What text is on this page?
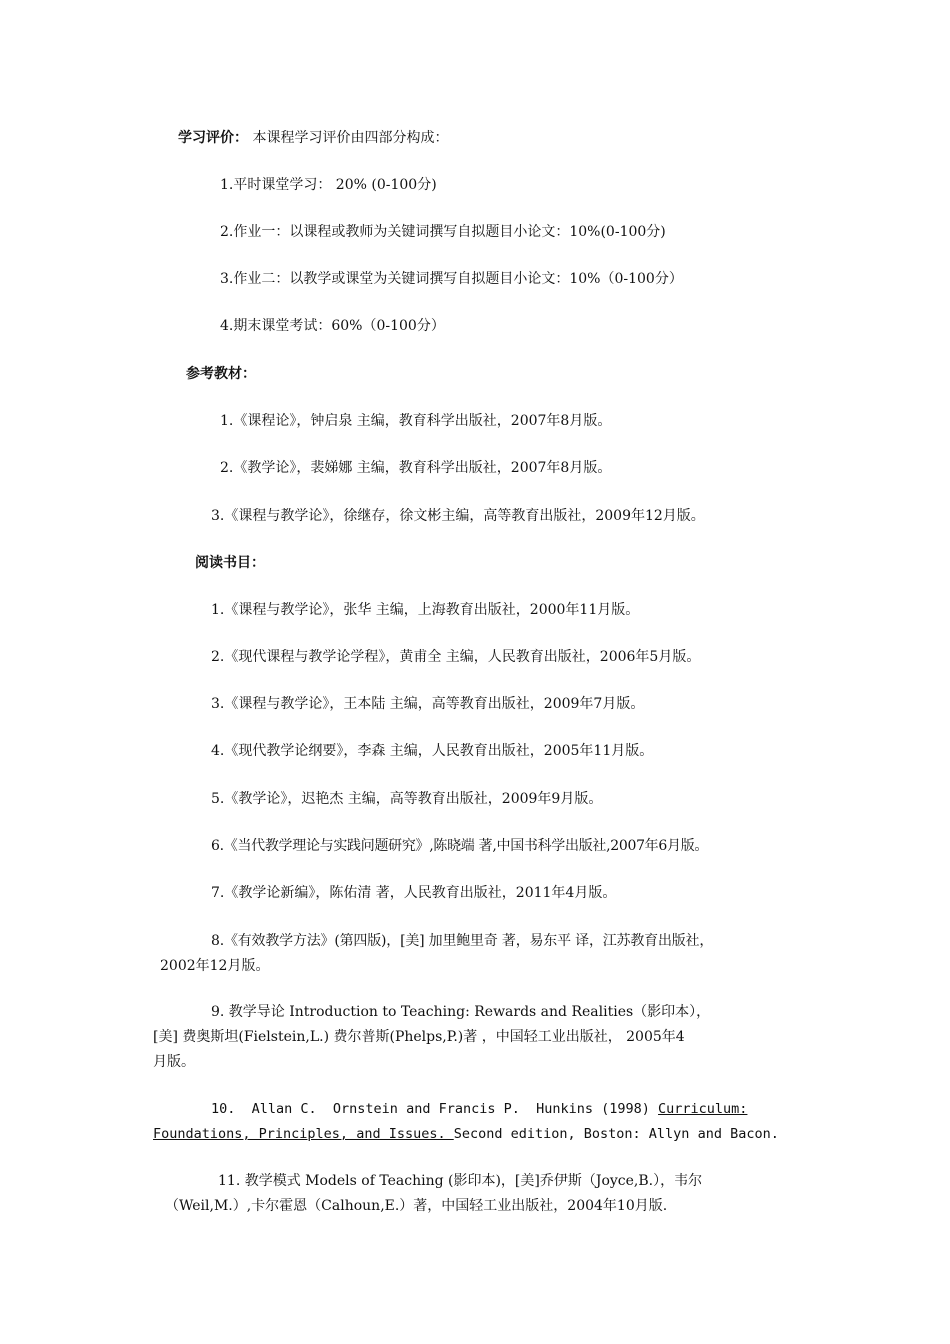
学习评价： 本课程学习评价由四部分构成：
1.平时课堂学习： 20% (0-100分)
2.作业一：以课程或教师为关键词撰写自拟题目小论文：10%(0-100分)
3.作业二：以教学或课堂为关键词撰写自拟题目小论文：10%（0-100分）
4.期末课堂考试：60%（0-100分）
参考教材：
1.《课程论》，钟启泉 主编，教育科学出版社，2007年8月版。
2.《教学论》，裴娣娜 主编，教育科学出版社，2007年8月版。
3.《课程与教学论》，徐继存，徐文彬主编，高等教育出版社，2009年12月版。
阅读书目：
1.《课程与教学论》，张华 主编，上海教育出版社，2000年11月版。
2.《现代课程与教学论学程》，黄甫全 主编，人民教育出版社，2006年5月版。
3.《课程与教学论》，王本陆 主编，高等教育出版社，2009年7月版。
4.《现代教学论纲要》，李森 主编，人民教育出版社，2005年11月版。
5.《教学论》，迟艳杰 主编，高等教育出版社，2009年9月版。
6.《当代教学理论与实践问题研究》,陈晓端 著,中国书科学出版社,2007年6月版。
7.《教学论新编》，陈佑清 著，人民教育出版社，2011年4月版。
8.《有效教学方法》(第四版)，[美] 加里鲍里奇 著，易东平 译，江苏教育出版社，
2002年12月版。
9. 教学导论 Introduction to Teaching: Rewards and Realities（影印本），
[美] 费奥斯坦(Fielstein,L.) 费尔普斯(Phelps,P.)著 ，中国轻工业出版社， 2005年4
月版。
10.  Allan C.  Ornstein and Francis P.  Hunkins (1998) Curriculum:
Foundations, Principles, and Issues. Second edition, Boston: Allyn and Bacon.
11. 教学模式 Models of Teaching (影印本)，[美]乔伊斯（Joyce,B.），韦尔
（Weil,M.）,卡尔霍恩（Calhoun,E.）著，中国轻工业出版社，2004年10月版.
